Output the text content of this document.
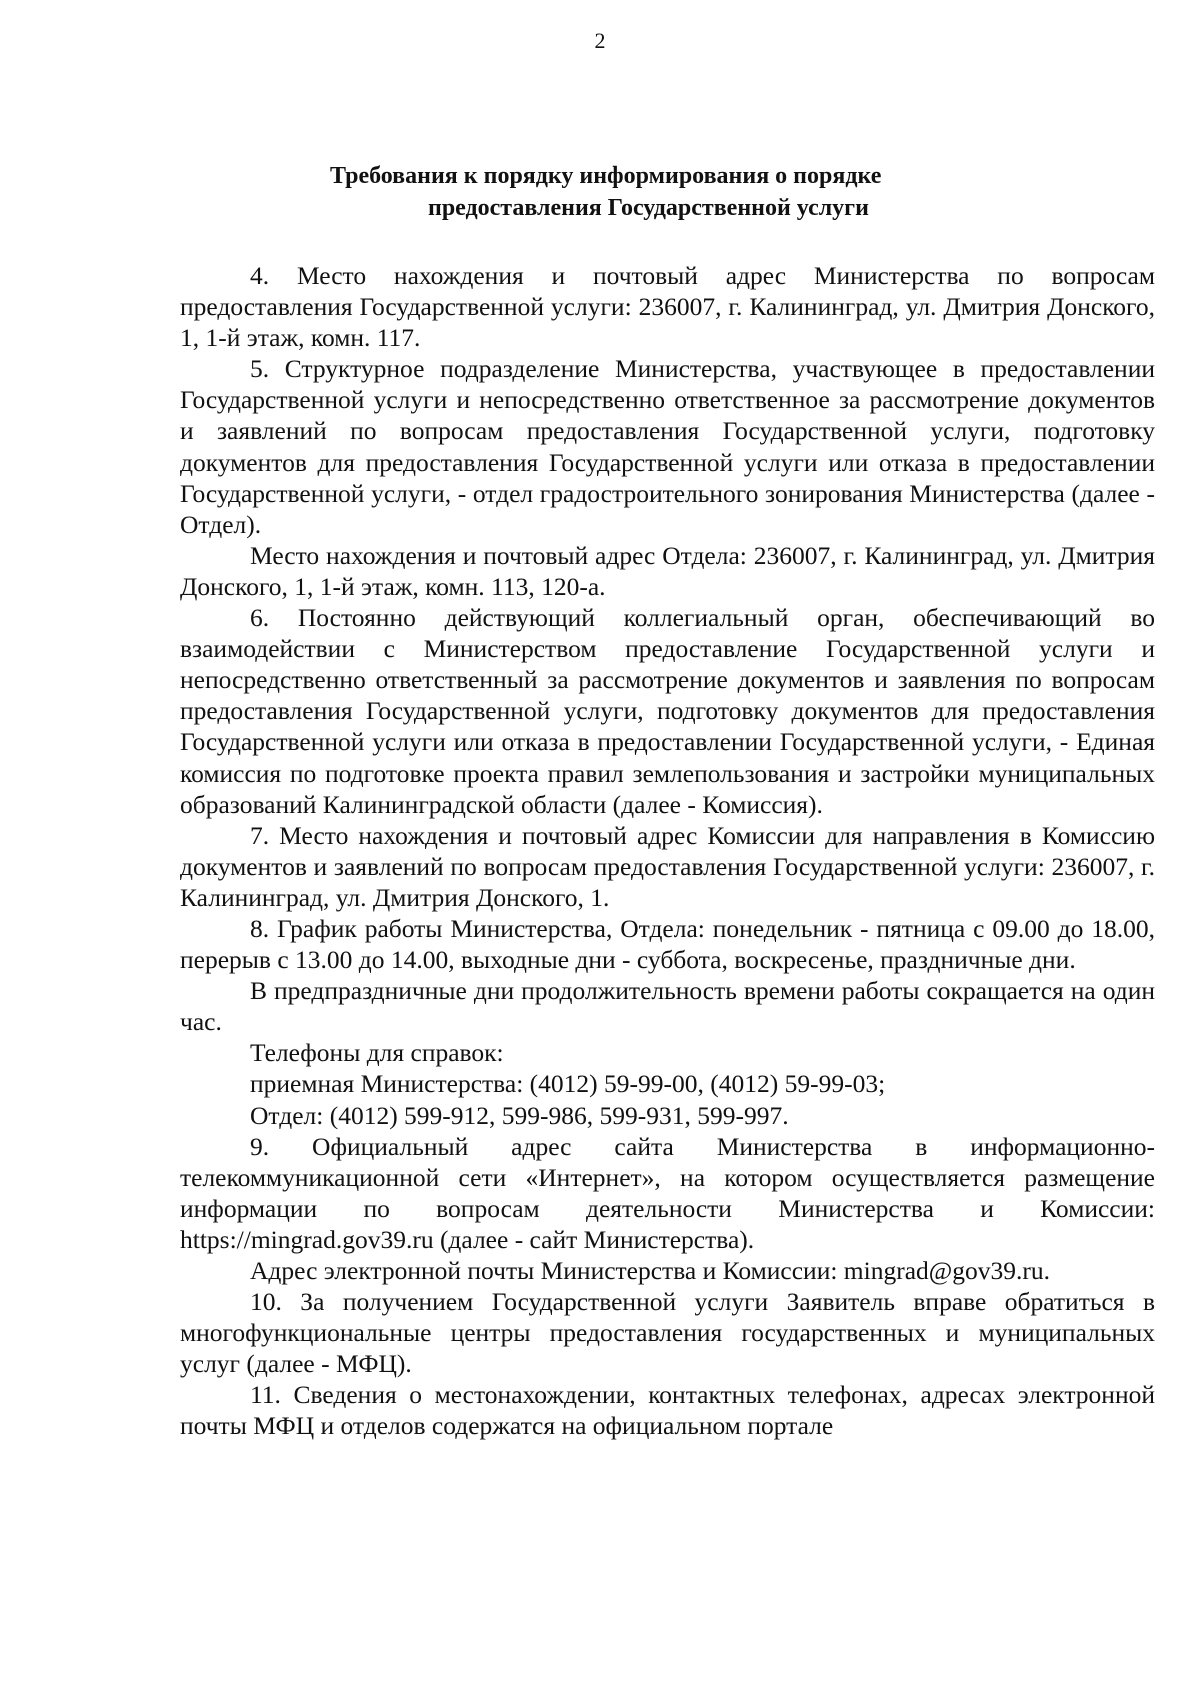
2
Требования к порядку информирования о порядке
предоставления Государственной услуги

4. Место нахождения и почтовый адрес Министерства по вопросам предоставления Государственной услуги: 236007, г. Калининград, ул. Дмитрия Донского, 1, 1-й этаж, комн. 117.

5. Структурное подразделение Министерства, участвующее в предоставлении Государственной услуги и непосредственно ответственное за рассмотрение документов и заявлений по вопросам предоставления Государственной услуги, подготовку документов для предоставления Государственной услуги или отказа в предоставлении Государственной услуги, - отдел градостроительного зонирования Министерства (далее - Отдел).

Место нахождения и почтовый адрес Отдела: 236007, г. Калининград, ул. Дмитрия Донского, 1, 1-й этаж, комн. 113, 120-а.

6. Постоянно действующий коллегиальный орган, обеспечивающий во взаимодействии с Министерством предоставление Государственной услуги и непосредственно ответственный за рассмотрение документов и заявления по вопросам предоставления Государственной услуги, подготовку документов для предоставления Государственной услуги или отказа в предоставлении Государственной услуги, - Единая комиссия по подготовке проекта правил землепользования и застройки муниципальных образований Калининградской области (далее - Комиссия).

7. Место нахождения и почтовый адрес Комиссии для направления в Комиссию документов и заявлений по вопросам предоставления Государственной услуги: 236007, г. Калининград, ул. Дмитрия Донского, 1.

8. График работы Министерства, Отдела: понедельник - пятница с 09.00 до 18.00, перерыв с 13.00 до 14.00, выходные дни - суббота, воскресенье, праздничные дни.

В предпраздничные дни продолжительность времени работы сокращается на один час.

Телефоны для справок:

приемная Министерства: (4012) 59-99-00, (4012) 59-99-03;

Отдел: (4012) 599-912, 599-986, 599-931, 599-997.

9. Официальный адрес сайта Министерства в информационно-телекоммуникационной сети «Интернет», на котором осуществляется размещение информации по вопросам деятельности Министерства и Комиссии: https://mingrad.gov39.ru (далее - сайт Министерства).

Адрес электронной почты Министерства и Комиссии: mingrad@gov39.ru.

10. За получением Государственной услуги Заявитель вправе обратиться в многофункциональные центры предоставления государственных и муниципальных услуг (далее - МФЦ).

11. Сведения о местонахождении, контактных телефонах, адресах электронной почты МФЦ и отделов содержатся на официальном портале
